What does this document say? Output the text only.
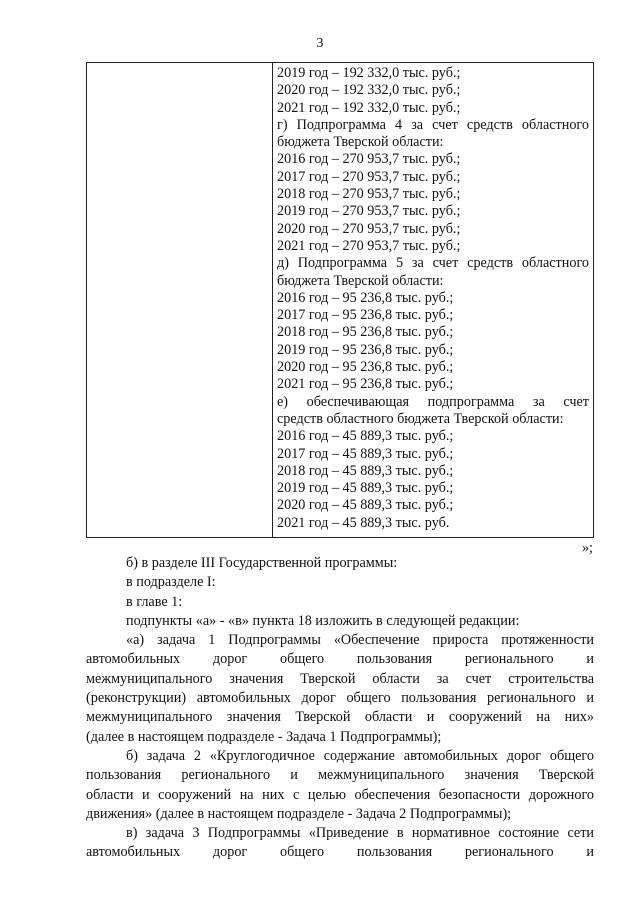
3
2019 год – 192 332,0 тыс. руб.;
2020 год – 192 332,0 тыс. руб.;
2021 год – 192 332,0 тыс. руб.;
г) Подпрограмма 4 за счет средств областного
бюджета Тверской области:
2016 год – 270 953,7 тыс. руб.;
2017 год – 270 953,7 тыс. руб.;
2018 год – 270 953,7 тыс. руб.;
2019 год – 270 953,7 тыс. руб.;
2020 год – 270 953,7 тыс. руб.;
2021 год – 270 953,7 тыс. руб.;
д) Подпрограмма 5 за счет средств областного
бюджета Тверской области:
2016 год – 95 236,8 тыс. руб.;
2017 год – 95 236,8 тыс. руб.;
2018 год – 95 236,8 тыс. руб.;
2019 год – 95 236,8 тыс. руб.;
2020 год – 95 236,8 тыс. руб.;
2021 год – 95 236,8 тыс. руб.;
е) обеспечивающая подпрограмма за счет
средств областного бюджета Тверской области:
2016 год – 45 889,3 тыс. руб.;
2017 год – 45 889,3 тыс. руб.;
2018 год – 45 889,3 тыс. руб.;
2019 год – 45 889,3 тыс. руб.;
2020 год – 45 889,3 тыс. руб.;
2021 год – 45 889,3 тыс. руб.
»;
б) в разделе III Государственной программы:
в подразделе I:
в главе 1:
подпункты «а» - «в» пункта 18 изложить в следующей редакции:
«а) задача 1 Подпрограммы «Обеспечение прироста протяженности
автомобильных дорог общего пользования регионального и
межмуниципального значения Тверской области за счет строительства
(реконструкции) автомобильных дорог общего пользования регионального и
межмуниципального значения Тверской области и сооружений на них»
(далее в настоящем подразделе - Задача 1 Подпрограммы);
б) задача 2 «Круглогодичное содержание автомобильных дорог общего
пользования регионального и межмуниципального значения Тверской
области и сооружений на них с целью обеспечения безопасности дорожного
движения» (далее в настоящем подразделе - Задача 2 Подпрограммы);
в) задача 3 Подпрограммы «Приведение в нормативное состояние сети
автомобильных дорог общего пользования регионального и
